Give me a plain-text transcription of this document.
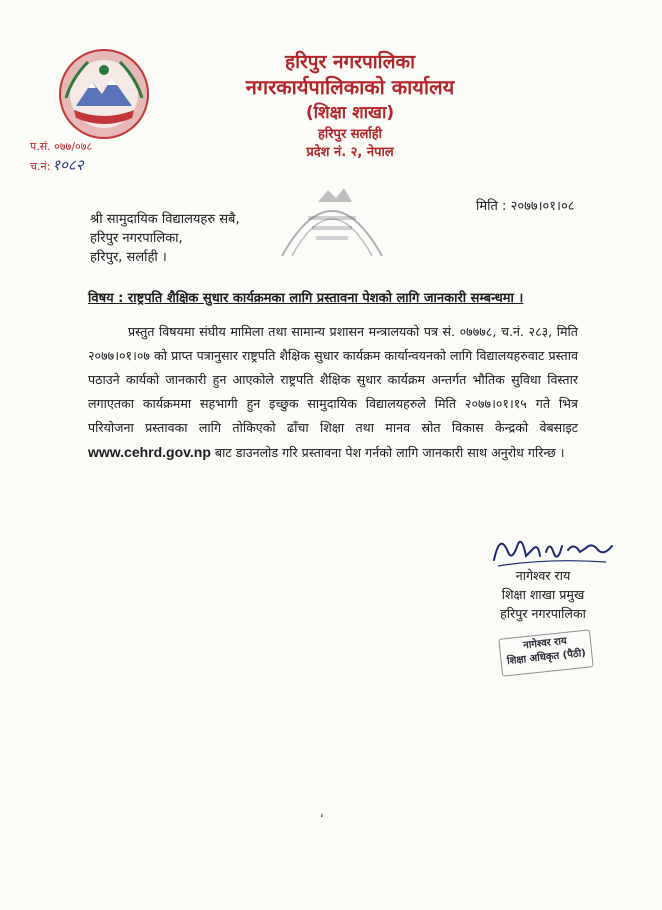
हरिपुर नगरपालिका
नगरकार्यपालिकाको कार्यालय
(शिक्षा शाखा)
हरिपुर सर्लाही
प्रदेश नं. २, नेपाल
प.सं. ०७७/०७८
च.नं: १०८२
मिति : २०७७।०१।०८
श्री सामुदायिक विद्यालयहरु सबै,
हरिपुर नगरपालिका,
हरिपुर, सर्लाही ।
विषय : राष्ट्रपति शैक्षिक सुधार कार्यक्रमका लागि प्रस्तावना पेशको लागि जानकारी सम्बन्धमा ।
प्रस्तुत विषयमा संघीय मामिला तथा सामान्य प्रशासन मन्त्रालयको पत्र सं. ०७७७८, च.नं. २८३, मिति २०७७।०१।०७ को प्राप्त पत्रानुसार राष्ट्रपति शैक्षिक सुधार कार्यक्रम कार्यान्वयनको लागि विद्यालयहरुवाट प्रस्ताव पठाउने कार्यको जानकारी हुन आएकोले राष्ट्रपति शैक्षिक सुधार कार्यक्रम अन्तर्गत भौतिक सुविधा विस्तार लगाएतका कार्यक्रममा सहभागी हुन इच्छुक सामुदायिक विद्यालयहरुले मिति २०७७।०१।१५ गते भित्र परियोजना प्रस्तावका लागि तोकिएको ढाँचा शिक्षा तथा मानव स्रोत विकास केन्द्रको वेबसाइट www.cehrd.gov.np बाट डाउनलोड गरि प्रस्तावना पेश गर्नको लागि जानकारी साथ अनुरोध गरिन्छ ।
नागेश्वर राय
शिक्षा शाखा प्रमुख
हरिपुर नगरपालिका
नागेश्वर राय
शिक्षा अधिकृत (पैठी)
‘
